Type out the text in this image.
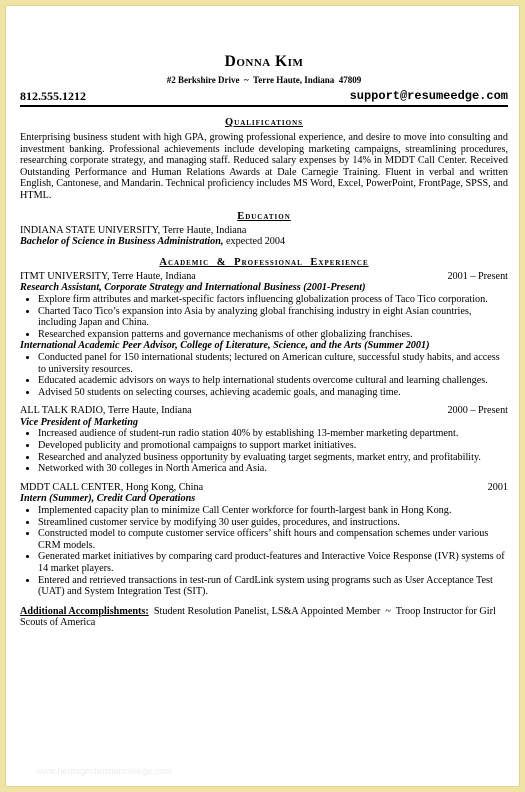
Donna Kim
#2 Berkshire Drive  ~  Terre Haute, Indiana  47809
812.555.1212	support@resumeedge.com
Qualifications
Enterprising business student with high GPA, growing professional experience, and desire to move into consulting and investment banking. Professional achievements include developing marketing campaigns, streamlining procedures, researching corporate strategy, and managing staff. Reduced salary expenses by 14% in MDDT Call Center. Received Outstanding Performance and Human Relations Awards at Dale Carnegie Training. Fluent in verbal and written English, Cantonese, and Mandarin. Technical proficiency includes MS Word, Excel, PowerPoint, FrontPage, SPSS, and HTML.
Education
INDIANA STATE UNIVERSITY, Terre Haute, Indiana
Bachelor of Science in Business Administration, expected 2004
Academic & Professional Experience
ITMT UNIVERSITY, Terre Haute, Indiana	2001 – Present
Research Assistant, Corporate Strategy and International Business (2001-Present)
• Explore firm attributes and market-specific factors influencing globalization process of Taco Tico corporation.
• Charted Taco Tico’s expansion into Asia by analyzing global franchising industry in eight Asian countries, including Japan and China.
• Researched expansion patterns and governance mechanisms of other globalizing franchises.
International Academic Peer Advisor, College of Literature, Science, and the Arts (Summer 2001)
• Conducted panel for 150 international students; lectured on American culture, successful study habits, and access to university resources.
• Educated academic advisors on ways to help international students overcome cultural and learning challenges.
• Advised 50 students on selecting courses, achieving academic goals, and managing time.
ALL TALK RADIO, Terre Haute, Indiana	2000 – Present
Vice President of Marketing
• Increased audience of student-run radio station 40% by establishing 13-member marketing department.
• Developed publicity and promotional campaigns to support market initiatives.
• Researched and analyzed business opportunity by evaluating target segments, market entry, and profitability.
• Networked with 30 colleges in North America and Asia.
MDDT CALL CENTER, Hong Kong, China	2001
Intern (Summer), Credit Card Operations
• Implemented capacity plan to minimize Call Center workforce for fourth-largest bank in Hong Kong.
• Streamlined customer service by modifying 30 user guides, procedures, and instructions.
• Constructed model to compute customer service officers’ shift hours and compensation schemes under various CRM models.
• Generated market initiatives by comparing card product-features and Interactive Voice Response (IVR) systems of 14 market players.
• Entered and retrieved transactions in test-run of CardLink system using programs such as User Acceptance Test (UAT) and System Integration Test (SIT).
Additional Accomplishments:  Student Resolution Panelist, LS&A Appointed Member  ~  Troop Instructor for Girl Scouts of America
www.heritagechristiancollege.com
